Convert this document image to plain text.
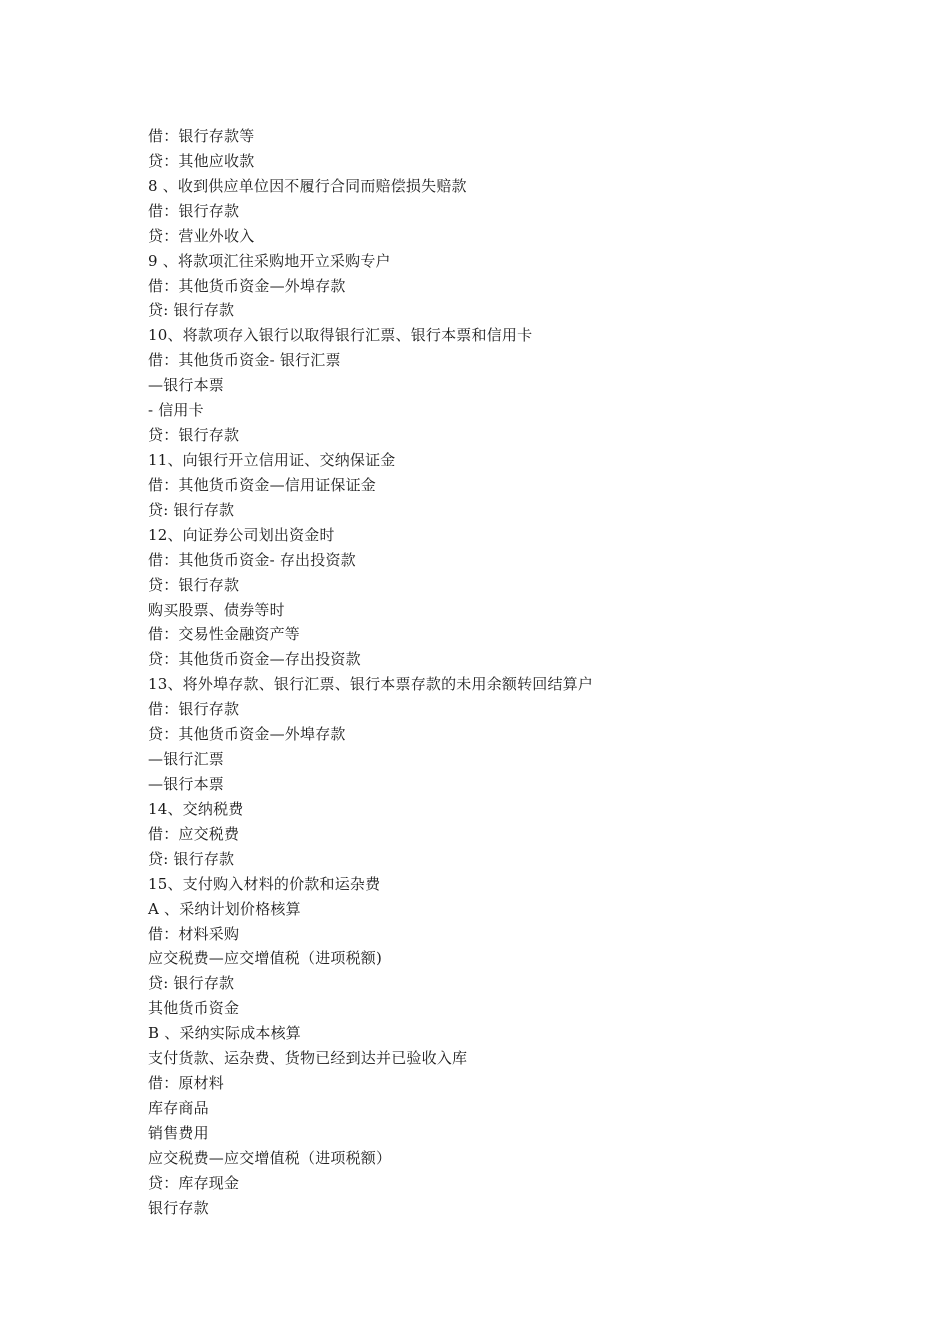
借：银行存款等
贷：其他应收款
8 、收到供应单位因不履行合同而赔偿损失赔款
借：银行存款
贷：营业外收入
9 、将款项汇往采购地开立采购专户
借：其他货币资金—外埠存款
贷: 银行存款
10、将款项存入银行以取得银行汇票、银行本票和信用卡
借：其他货币资金- 银行汇票
—银行本票
- 信用卡
贷：银行存款
11、向银行开立信用证、交纳保证金
借：其他货币资金—信用证保证金
贷: 银行存款
12、向证券公司划出资金时
借：其他货币资金- 存出投资款
贷：银行存款
购买股票、债券等时
借：交易性金融资产等
贷：其他货币资金—存出投资款
13、将外埠存款、银行汇票、银行本票存款的未用余额转回结算户
借：银行存款
贷：其他货币资金—外埠存款
—银行汇票
—银行本票
14、交纳税费
借：应交税费
贷: 银行存款
15、支付购入材料的价款和运杂费
A 、采纳计划价格核算
借：材料采购
应交税费—应交增值税（进项税额)
贷: 银行存款
其他货币资金
B 、采纳实际成本核算
支付货款、运杂费、货物已经到达并已验收入库
借：原材料
库存商品
销售费用
应交税费—应交增值税（进项税额）
贷：库存现金
银行存款
